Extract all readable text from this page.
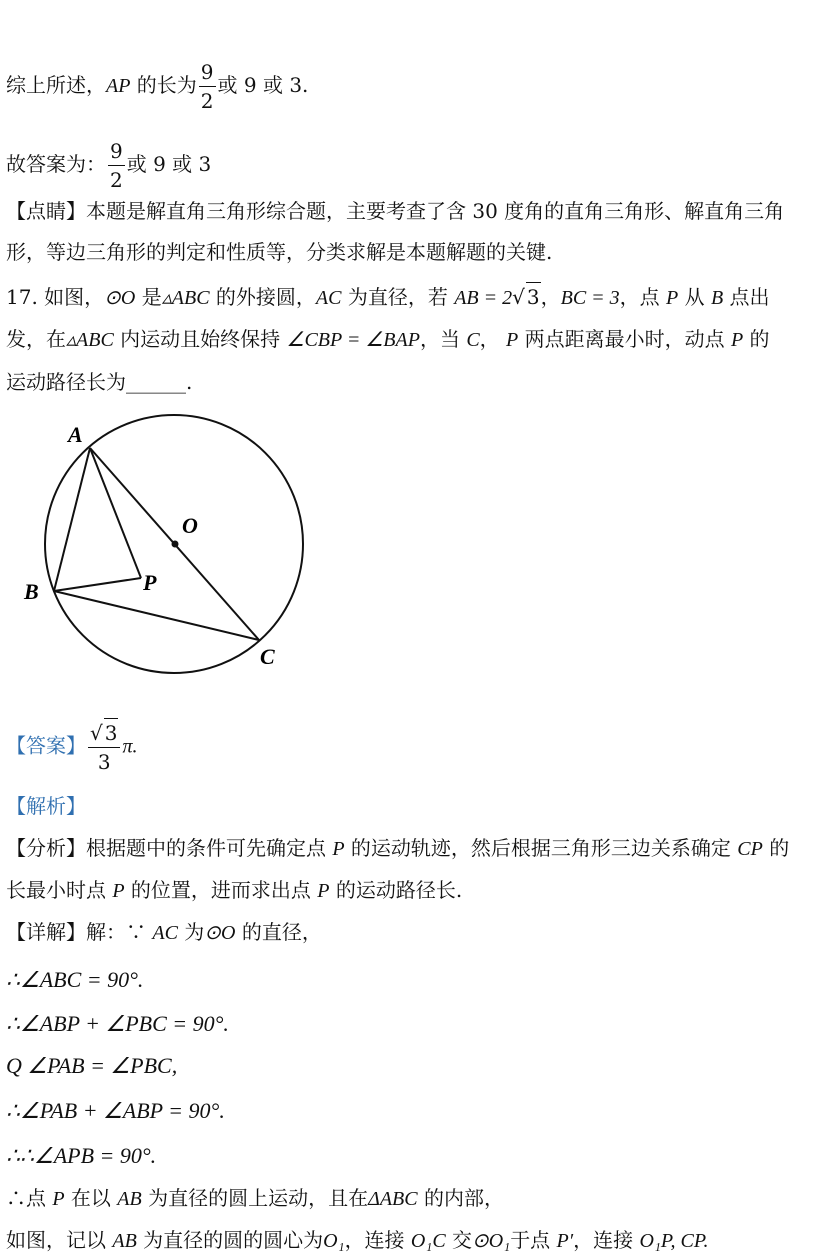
综上所述，AP 的长为 $\frac{9}{2}$ 或 9 或 3.
故答案为： $\frac{9}{2}$ 或 9 或 3
【点睛】本题是解直角三角形综合题，主要考查了含 30 度角的直角三角形、解直角三角
形，等边三角形的判定和性质等，分类求解是本题解题的关键.
17. 如图，⊙O 是▵ABC 的外接圆，AC 为直径，若 AB = 2√ 3，BC = 3，点 P 从 B 点出
发，在▵ABC 内运动且始终保持 ∠CBP = ∠BAP，当 C， P 两点距离最小时，动点 P 的
运动路径长为______.
A
B
C
O
P
【答案】 $\frac{√ 3}{3} \pi$.
【解析】
【分析】根据题中的条件可先确定点 P 的运动轨迹，然后根据三角形三边关系确定 CP 的
长最小时点 P 的位置，进而求出点 P 的运动路径长.
【详解】解：∵ AC 为⊙O 的直径，
∴∠ABC = 90°.
∴∠ABP + ∠PBC = 90°.
Q ∠PAB = ∠PBC,
∴∠PAB + ∠ABP = 90°.
∴∴∠APB = 90°.
∴点 P 在以 AB 为直径的圆上运动，且在ΔABC 的内部，
如图，记以 AB 为直径的圆的圆心为O₁，连接 O₁C 交⊙O₁于点 P′，连接 O₁P, CP.
